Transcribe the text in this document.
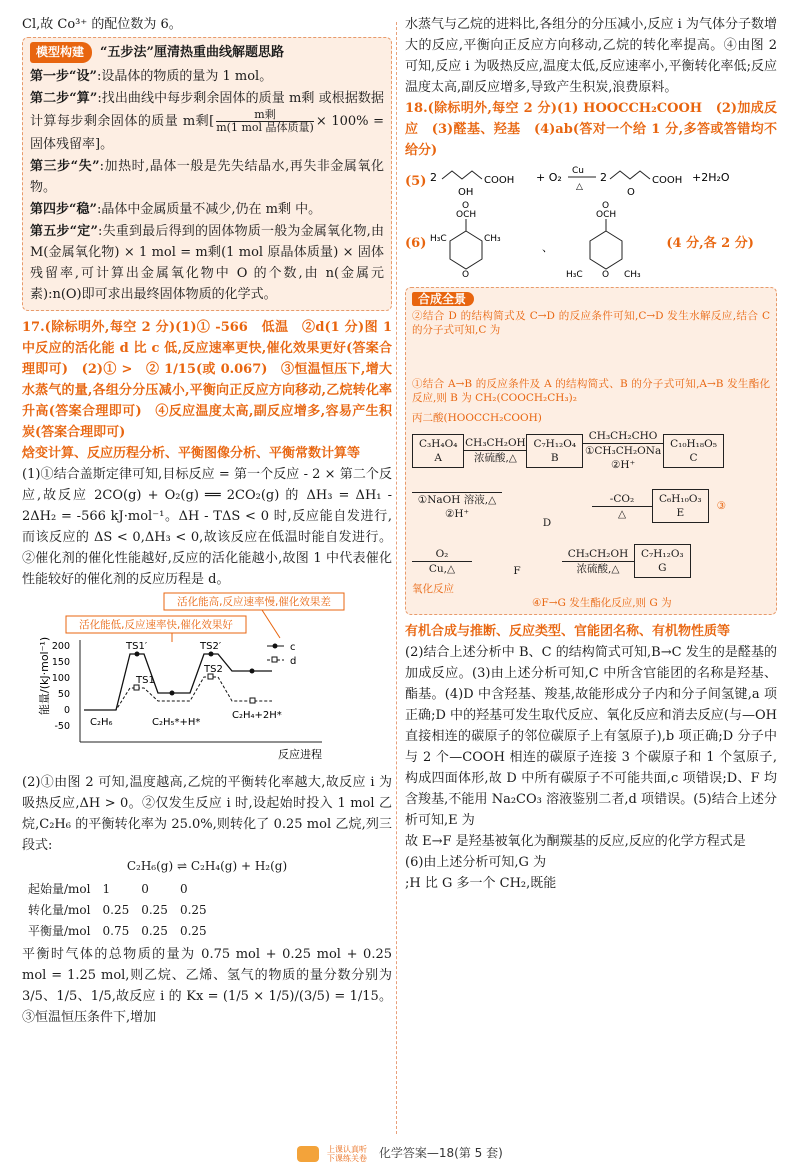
Cl,故 Co³⁺ 的配位数为 6。

模型构建	“五步法”厘清热重曲线解题思路

第一步“设”:设晶体的物质的量为 1 mol。

第二步“算”:找出曲线中每步剩余固体的质量 m剩 或根据数据计算每步剩余固体的质量 m剩[ $\frac{\text{m剩}}{\text{m(1 mol 晶体质量)}} \times 100\%$ = 固体残留率]。

第三步“失”:加热时,晶体一般是先失结晶水,再失非金属氧化物。

第四步“稳”:晶体中金属质量不减少,仍在 m剩 中。

第五步“定”:失重到最后得到的固体物质一般为金属氧化物,由 M(金属氧化物) × 1 mol = m剩(1 mol 原晶体质量) × 固体残留率,可计算出金属氧化物中 O 的个数,由 n(金属元素):n(O)即可求出最终固体物质的化学式。

17.(除标明外,每空 2 分)(1)① -566　低温　②d(1 分)图 1 中反应的活化能 d 比 c 低,反应速率更快,催化效果更好(答案合理即可)　(2)① >　② 1/15(或 0.067)　③恒温恒压下,增大水蒸气的量,各组分分压减小,平衡向正反应方向移动,乙烷转化率升高(答案合理即可)　④反应温度太高,副反应增多,容易产生积炭(答案合理即可)

焓变计算、反应历程分析、平衡图像分析、平衡常数计算等

(1)①结合盖斯定律可知,目标反应 = 第一个反应 - 2 × 第二个反应,故反应 2CO(g) + O₂(g) ══ 2CO₂(g) 的 ΔH₃ = ΔH₁ - 2ΔH₂ = -566 kJ·mol⁻¹。ΔH - TΔS < 0 时,反应能自发进行,而该反应的 ΔS < 0,ΔH₃ < 0,故该反应在低温时能自发进行。②催化剂的催化性能越好,反应的活化能越小,故图 1 中代表催化性能较好的催化剂的反应历程是 d。

活化能高,反应速率慢,催化效果差
活化能低,反应速率快,催化效果好
能量/(kJ·mol⁻¹) 200
150
100
50
0
-50
TS1′
TS1
TS2′
TS2
C₂H₆	C₂H₅*+H*
C₂H₄+2H*
c
d
反应进程

(2)①由图 2 可知,温度越高,乙烷的平衡转化率越大,故反应 i 为吸热反应,ΔH > 0。②仅发生反应 i 时,设起始时投入 1 mol 乙烷,C₂H₆ 的平衡转化率为 25.0%,则转化了 0.25 mol 乙烷,列三段式:

C₂H₆(g) ⇌ C₂H₄(g) + H₂(g)
起始量/mol	1	0	0
转化量/mol	0.25	0.25	0.25
平衡量/mol	0.75	0.25	0.25

平衡时气体的总物质的量为 0.75 mol + 0.25 mol + 0.25 mol = 1.25 mol,则乙烷、乙烯、氢气的物质的量分数分别为 3/5、1/5、1/5,故反应 i 的 Kx = (1/5 × 1/5)/(3/5) = 1/15。③恒温恒压条件下,增加

水蒸气与乙烷的进料比,各组分的分压减小,反应 i 为气体分子数增大的反应,平衡向正反应方向移动,乙烷的转化率提高。④由图 2 可知,反应 i 为吸热反应,温度太低,反应速率小,平衡转化率低;反应温度太高,副反应增多,导致产生积炭,浪费原料。

18.(除标明外,每空 2 分)(1) HOOCCH₂COOH　(2)加成反应　(3)醛基、羟基　(4)ab(答对一个给 1 分,多答或答错均不给分)

(5) 2
OH
COOH + O₂ Cu
△
2
O
COOH +2H₂O
(6)
O
OCH
O
H₃C	CH₃
、
O
OCH
O
H₃C	CH₃
(4 分,各 2 分)
合成全景

②结合 D 的结构简式及 C→D 的反应条件可知,C→D 发生水解反应,结合 C 的分子式可知,C 为

①结合 A→B 的反应条件及 A 的结构简式、B 的分子式可知,A→B 发生酯化反应,则 B 为 CH₂(COOCH₂CH₃)₂

丙二酸(HOOCCH₂COOH)
C₃H₄O₄
A
CH₃CH₂OH
浓硫酸,△
C₇H₁₂O₄
B
CH₃CH₂CHO
①CH₃CH₂ONa
②H⁺
C₁₀H₁₈O₅
C
①NaOH 溶液,△
②H⁺
D
-CO₂
△
C₆H₁₀O₃
E
③
O₂
Cu,△	F
CH₃CH₂OH
浓硫酸,△
C₇H₁₂O₃
G
氧化反应

④F→G 发生酯化反应,则 G 为

有机合成与推断、反应类型、官能团名称、有机物性质等

(2)结合上述分析中 B、C 的结构简式可知,B→C 发生的是醛基的加成反应。(3)由上述分析可知,C 中所含官能团的名称是羟基、酯基。(4)D 中含羟基、羧基,故能形成分子内和分子间氢键,a 项正确;D 中的羟基可发生取代反应、氧化反应和消去反应(与—OH 直接相连的碳原子的邻位碳原子上有氢原子),b 项正确;D 分子中与 2 个—COOH 相连的碳原子连接 3 个碳原子和 1 个氢原子,构成四面体形,故 D 中所有碳原子不可能共面,c 项错误;D、F 均含羧基,不能用 Na₂CO₃ 溶液鉴别二者,d 项错误。(5)结合上述分析可知,E 为

故 E→F 是羟基被氧化为酮羰基的反应,反应的化学方程式是

(6)由上述分析可知,G 为

;H 比 G 多一个 CH₂,既能

上课认真听
下课练关卷 化学答案—18(第 5 套)
